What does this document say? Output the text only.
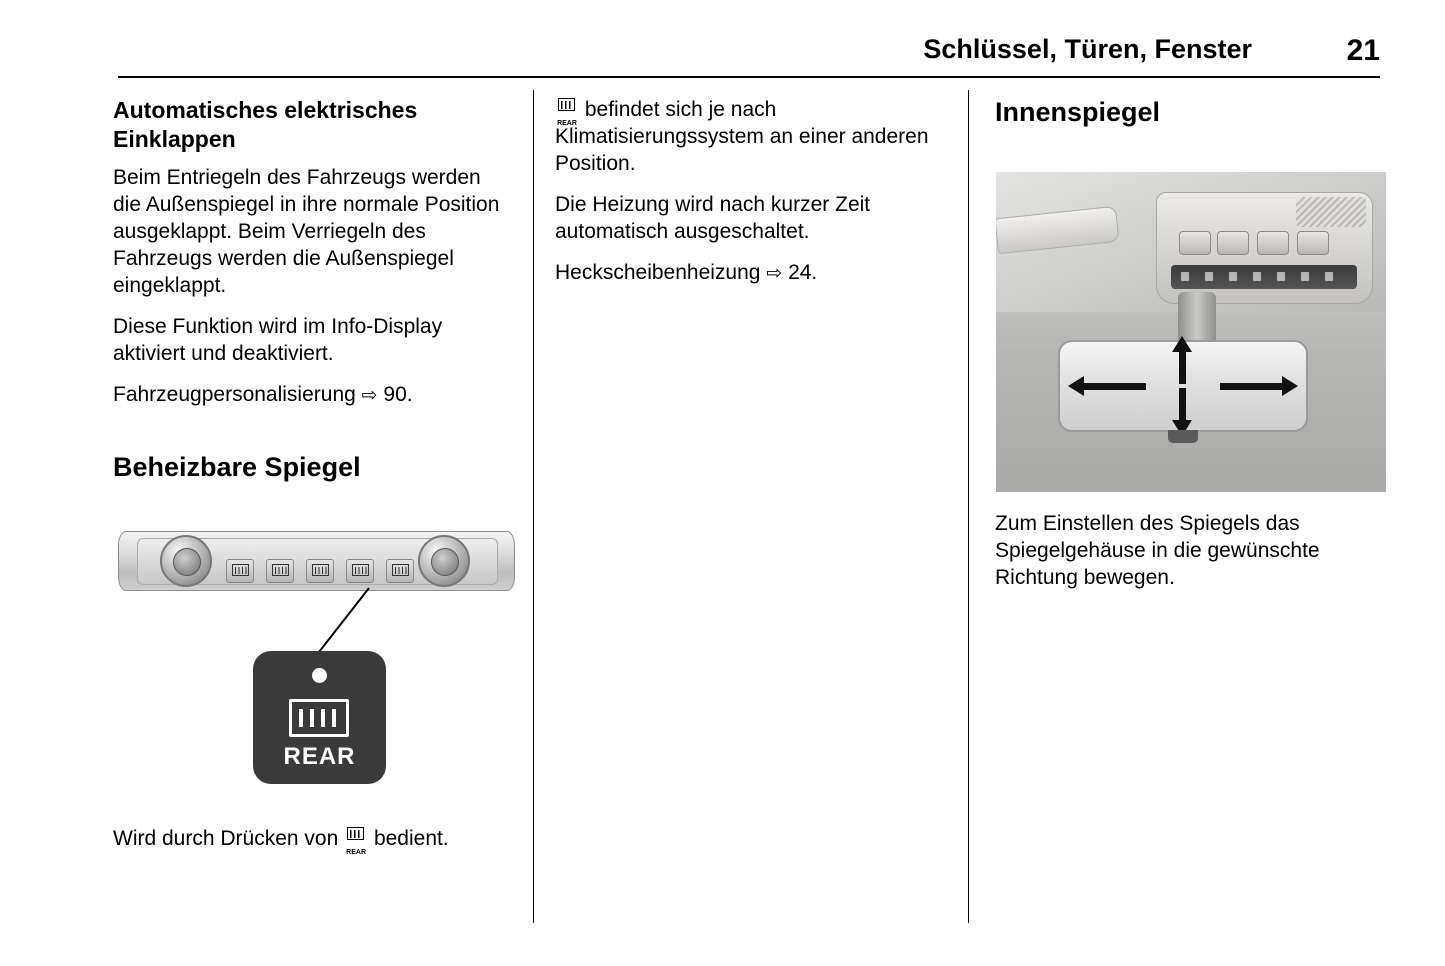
Schlüssel, Türen, Fenster	21
Automatisches elektrisches Einklappen

Beim Entriegeln des Fahrzeugs werden die Außenspiegel in ihre normale Position ausgeklappt. Beim Verriegeln des Fahrzeugs werden die Außenspiegel eingeklappt.

Diese Funktion wird im Info-Display aktiviert und deaktiviert.

Fahrzeugpersonalisierung ⇨ 90.

Beheizbare Spiegel
REAR
Wird durch Drücken von
REAR
bedient.

REAR
befindet sich je nach Klimatisierungssystem an einer anderen Position.

Die Heizung wird nach kurzer Zeit automatisch ausgeschaltet.

Heckscheibenheizung ⇨ 24.

Innenspiegel
Zum Einstellen des Spiegels das Spiegelgehäuse in die gewünschte Richtung bewegen.
